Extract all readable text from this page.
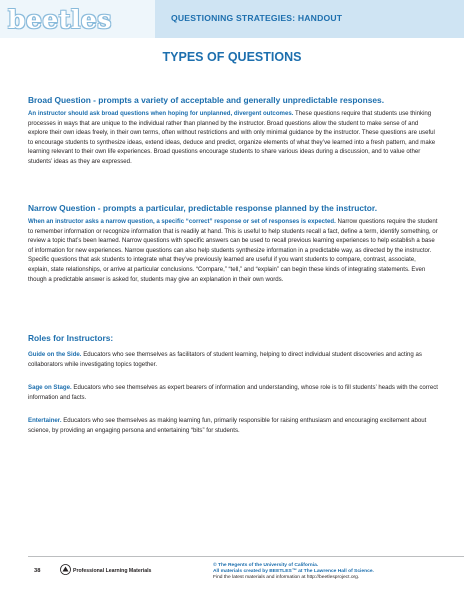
beetles	QUESTIONING STRATEGIES: HANDOUT
TYPES OF QUESTIONS
Broad Question - prompts a variety of acceptable and generally unpredictable responses.

An instructor should ask broad questions when hoping for unplanned, divergent outcomes. These questions require that students use thinking processes in ways that are unique to the individual rather than planned by the instructor. Broad questions allow the student to make sense of and explore their own ideas freely, in their own terms, often without restrictions and with only minimal guidance by the instructor. These questions are useful to encourage students to synthesize ideas, extend ideas, deduce and predict, organize elements of what they’ve learned into a fresh pattern, and make learning relevant to their own life experiences. Broad questions encourage students to share various ideas during a discussion, and to value other students’ ideas as they are expressed.

Narrow Question - prompts a particular, predictable response planned by the instructor.

When an instructor asks a narrow question, a specific “correct” response or set of responses is expected. Narrow questions require the student to remember information or recognize information that is readily at hand. This is useful to help students recall a fact, define a term, identify something, or review a topic that’s been learned. Narrow questions with specific answers can be used to recall previous learning experiences to help establish a base of information for new experiences. Narrow questions can also help students synthesize information in a predictable way, as directed by the instructor. Specific questions that ask students to integrate what they’ve previously learned are useful if you want students to compare, contrast, associate, explain, state relationships, or arrive at particular conclusions. “Compare,” “tell,” and “explain” can begin these kinds of integrating statements. Even though a predictable answer is asked for, students may give an explanation in their own words.

Roles for Instructors:

Guide on the Side. Educators who see themselves as facilitators of student learning, helping to direct individual student discoveries and acting as collaborators while investigating topics together.

Sage on Stage. Educators who see themselves as expert bearers of information and understanding, whose role is to fill students’ heads with the correct information and facts.

Entertainer. Educators who see themselves as making learning fun, primarily responsible for raising enthusiasm and encouraging excitement about science, by providing an engaging persona and entertaining “bits” for students.

38	Professional Learning Materials
© The Regents of the University of California.
All materials created by BEETLES™ at The Lawrence Hall of Science.
Find the latest materials and information at http://beetlesproject.org.
